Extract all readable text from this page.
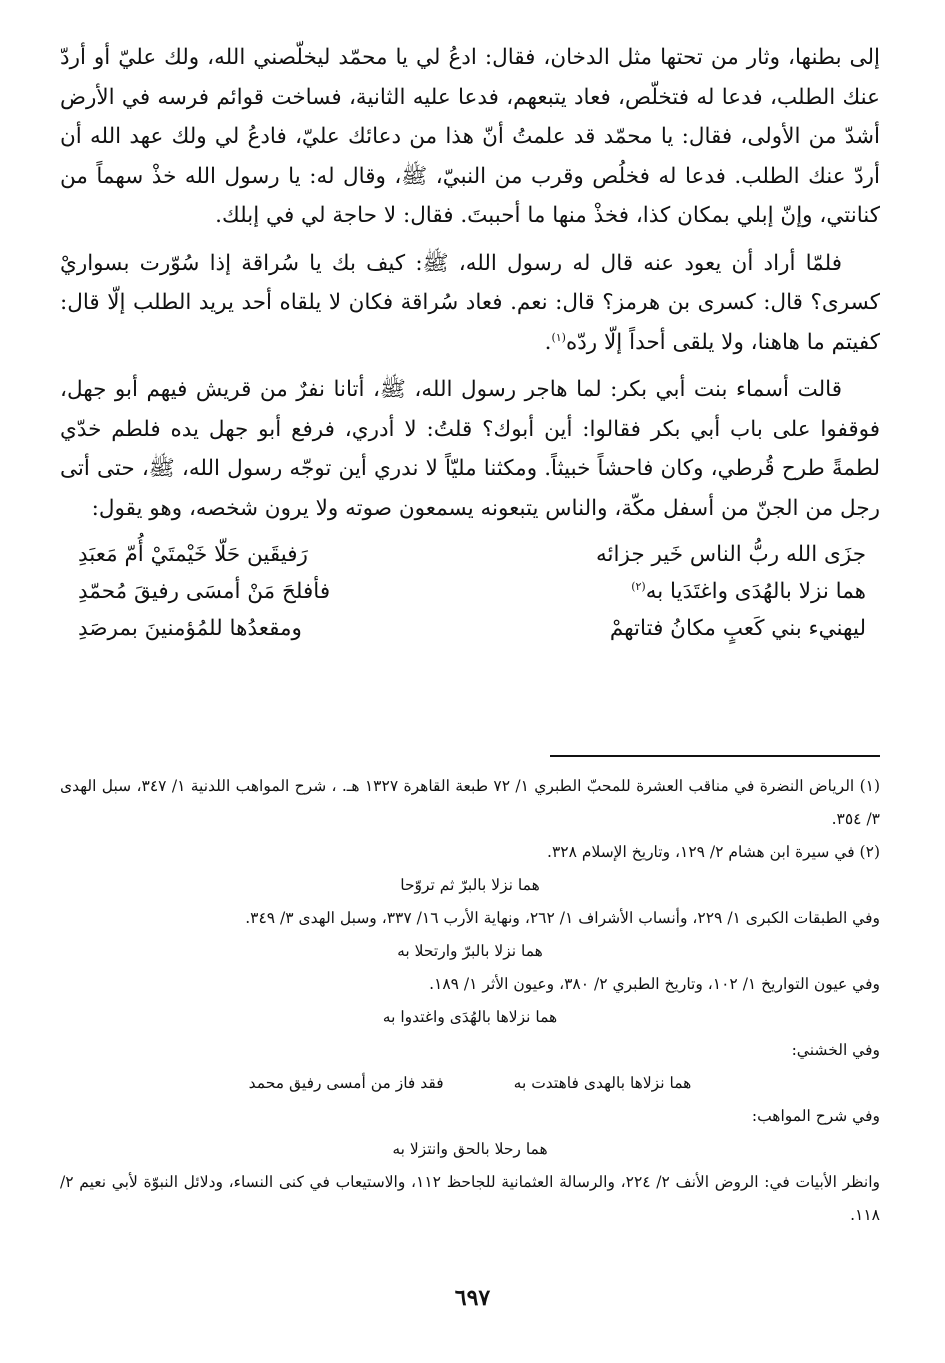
إلى بطنها، وثار من تحتها مثل الدخان، فقال: ادعُ لي يا محمّد ليخلّصني الله، ولك عليّ أو أردّ عنك الطلب، فدعا له فتخلّص، فعاد يتبعهم، فدعا عليه الثانية، فساخت قوائم فرسه في الأرض أشدّ من الأولى، فقال: يا محمّد قد علمتُ أنّ هذا من دعائك عليّ، فادعُ لي ولك عهد الله أن أردّ عنك الطلب. فدعا له فخلُص وقرب من النبيّ، ﷺ، وقال له: يا رسول الله خذْ سهماً من كنانتي، وإنّ إبلي بمكان كذا، فخذْ منها ما أحببتَ. فقال: لا حاجة لي في إبلك.

فلمّا أراد أن يعود عنه قال له رسول الله، ﷺ: كيف بك يا سُراقة إذا سُوّرت بسواريْ كسرى؟ قال: كسرى بن هرمز؟ قال: نعم. فعاد سُراقة فكان لا يلقاه أحد يريد الطلب إلّا قال: كفيتم ما هاهنا، ولا يلقى أحداً إلّا ردّه$^{(١)}$.

قالت أسماء بنت أبي بكر: لما هاجر رسول الله، ﷺ، أتانا نفرٌ من قريش فيهم أبو جهل، فوقفوا على باب أبي بكر فقالوا: أين أبوك؟ قلتُ: لا أدري، فرفع أبو جهل يده فلطم خدّي لطمةً طرح قُرطي، وكان فاحشاً خبيثاً. ومكثنا مليّاً لا ندري أين توجّه رسول الله، ﷺ، حتى أتى رجل من الجنّ من أسفل مكّة، والناس يتبعونه يسمعون صوته ولا يرون شخصه، وهو يقول:

جزَى الله ربُّ الناس خَير جزائه
رَفيقَين حَلّا خَيْمتَيْ أُمّ مَعبَدِ
هما نزلا بالهُدَى واغتَدَيا به$^{(٢)}$
فأفلحَ مَنْ أمسَى رفيقَ مُحمّدِ
ليهنيء بني كَعبٍ مكانُ فتاتهمْ
ومقعدُها للمُؤمنينَ بمرصَدِ

(١) الرياض النضرة في مناقب العشرة للمحبّ الطبري ١/ ٧٢ طبعة القاهرة ١٣٢٧ هـ. ، شرح المواهب اللدنية ١/ ٣٤٧، سبل الهدى ٣/ ٣٥٤.

(٢) في سيرة ابن هشام ٢/ ١٢٩، وتاريخ الإسلام ٣٢٨.

هما نزلا بالبرّ ثم تروّحا

وفي الطبقات الكبرى ١/ ٢٢٩، وأنساب الأشراف ١/ ٢٦٢، ونهاية الأرب ١٦/ ٣٣٧، وسبل الهدى ٣/ ٣٤٩.

هما نزلا بالبرّ وارتحلا به

وفي عيون التواريخ ١/ ١٠٢، وتاريخ الطبري ٢/ ٣٨٠، وعيون الأثر ١/ ١٨٩.

هما نزلاها بالهُدَى واغتدوا به

وفي الخشني:

هما نزلاها بالهدى فاهتدت به
فقد فاز من أمسى رفيق محمد

وفي شرح المواهب:

هما رحلا بالحق وانتزلا به

وانظر الأبيات في: الروض الأنف ٢/ ٢٢٤، والرسالة العثمانية للجاحظ ١١٢، والاستيعاب في كنى النساء، ودلائل النبوّة لأبي نعيم ٢/ ١١٨.

٦٩٧
